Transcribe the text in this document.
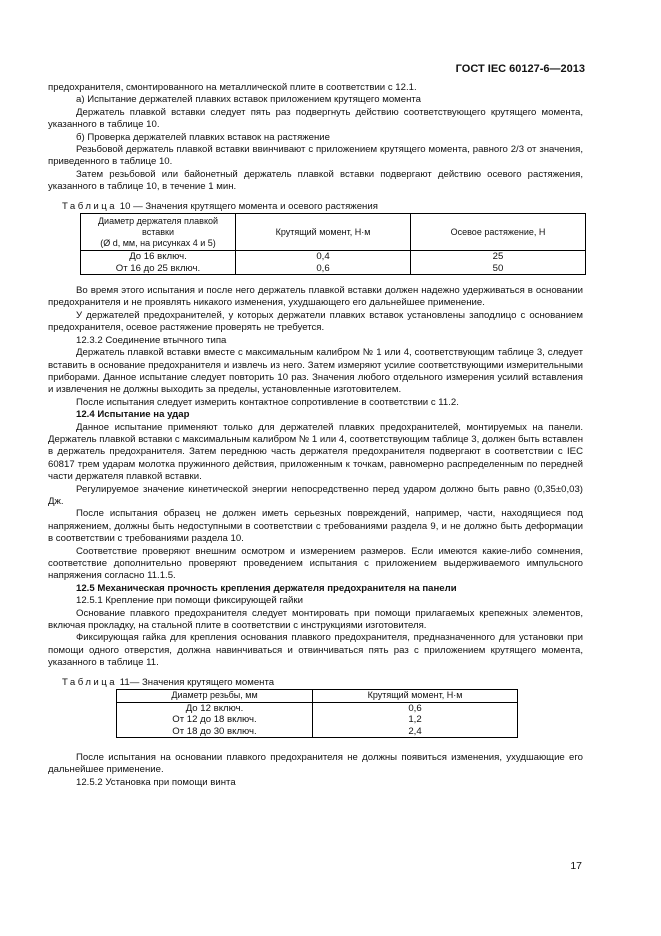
ГОСТ IEC 60127-6—2013

предохранителя, смонтированного на металлической плите в соответствии с 12.1.

а) Испытание держателей плавких вставок приложением крутящего момента

Держатель плавкой вставки следует пять раз подвергнуть действию соответствующего крутящего момента, указанного в таблице 10.

б) Проверка держателей плавких вставок на растяжение

Резьбовой держатель плавкой вставки ввинчивают с приложением крутящего момента, равного 2/3 от значения, приведенного в таблице 10.

Затем резьбовой или байонетный держатель плавкой вставки подвергают действию осевого растяжения, указанного в таблице 10, в течение 1 мин.

Таблица 10 — Значения крутящего момента и осевого растяжения

Диаметр держателя плавкой вставки
(Ø d, мм, на рисунках 4 и 5)	Крутящий момент, Н·м	Осевое растяжение, Н
До 16 включ.	0,4	25
От 16 до 25 включ.	0,6	50

Во время этого испытания и после него держатель плавкой вставки должен надежно удерживаться в основании предохранителя и не проявлять никакого изменения, ухудшающего его дальнейшее применение.

У держателей предохранителей, у которых держатели плавких вставок установлены заподлицо с основанием предохранителя, осевое растяжение проверять не требуется.

12.3.2 Соединение втычного типа

Держатель плавкой вставки вместе с максимальным калибром № 1 или 4, соответствующим таблице 3, следует вставить в основание предохранителя и извлечь из него. Затем измеряют усилие соответствующими измерительными приборами. Данное испытание следует повторить 10 раз. Значения любого отдельного измерения усилий вставления и извлечения не должны выходить за пределы, установленные изготовителем.

После испытания следует измерить контактное сопротивление в соответствии с 11.2.

12.4 Испытание на удар

Данное испытание применяют только для держателей плавких предохранителей, монтируемых на панели. Держатель плавкой вставки с максимальным калибром № 1 или 4, соответствующим таблице 3, должен быть вставлен в держатель предохранителя. Затем переднюю часть держателя предохранителя подвергают в соответствии с IEC 60817 трем ударам молотка пружинного действия, приложенным к точкам, равномерно распределенным по передней части держателя плавкой вставки.

Регулируемое значение кинетической энергии непосредственно перед ударом должно быть равно (0,35±0,03) Дж.

После испытания образец не должен иметь серьезных повреждений, например, части, находящиеся под напряжением, должны быть недоступными в соответствии с требованиями раздела 9, и не должно быть деформации в соответствии с требованиями раздела 10.

Соответствие проверяют внешним осмотром и измерением размеров. Если имеются какие-либо сомнения, соответствие дополнительно проверяют проведением испытания с приложением выдерживаемого импульсного напряжения согласно 11.1.5.

12.5 Механическая прочность крепления держателя предохранителя на панели

12.5.1 Крепление при помощи фиксирующей гайки

Основание плавкого предохранителя следует монтировать при помощи прилагаемых крепежных элементов, включая прокладку, на стальной плите в соответствии с инструкциями изготовителя.

Фиксирующая гайка для крепления основания плавкого предохранителя, предназначенного для установки при помощи одного отверстия, должна навинчиваться и отвинчиваться пять раз с приложением крутящего момента, указанного в таблице 11.

Таблица 11— Значения крутящего момента

Диаметр резьбы, мм	Крутящий момент, Н·м
До 12 включ.	0,6
От 12 до 18 включ.	1,2
От 18 до 30 включ.	2,4

После испытания на основании плавкого предохранителя не должны появиться изменения, ухудшающие его дальнейшее применение.

12.5.2 Установка при помощи винта

17
